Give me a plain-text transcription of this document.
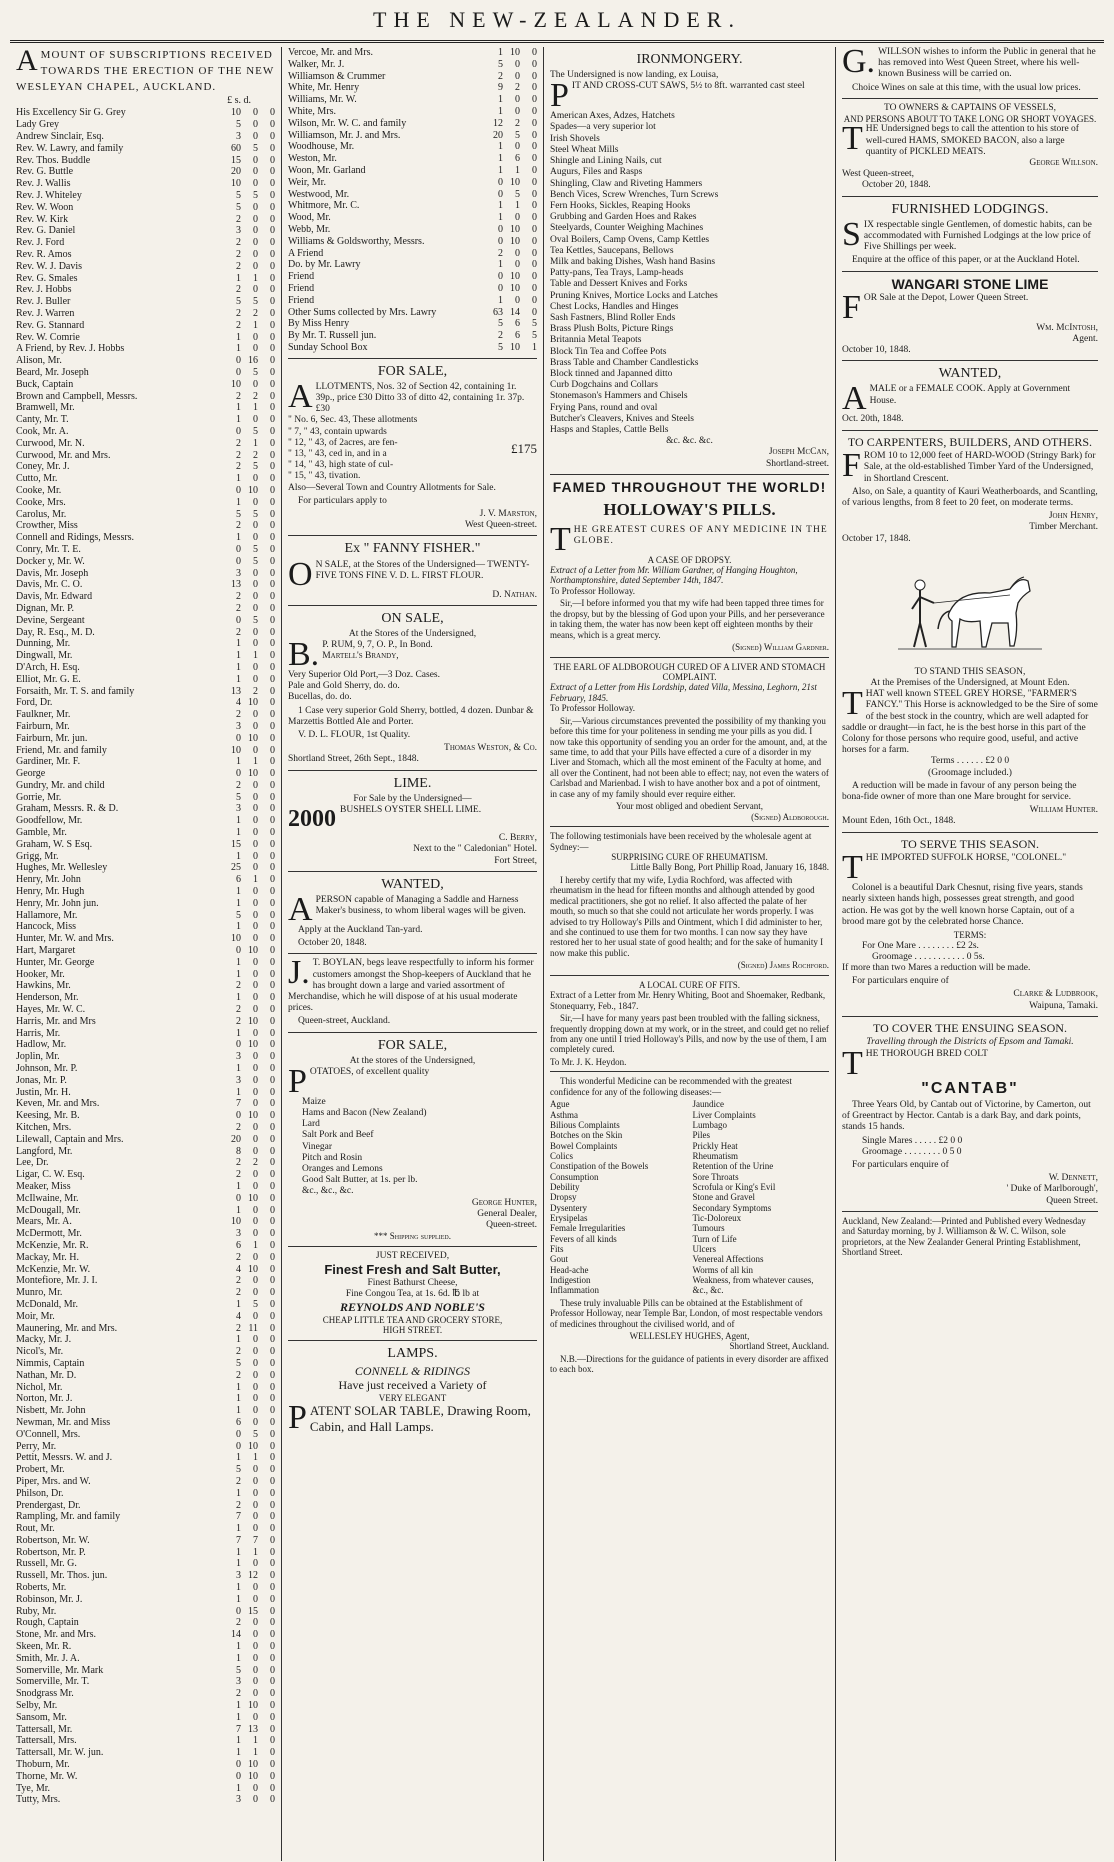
THE NEW-ZEALANDER.
A MOUNT OF SUBSCRIPTIONS RECEIVED TOWARDS THE ERECTION OF THE NEW WESLEYAN CHAPEL, AUCKLAND.
£ s. d.
His Excellency Sir G. Grey	10	0	0
Lady Grey	5	0	0
Andrew Sinclair, Esq.	3	0	0
Rev. W. Lawry, and family	60	5	0
Rev. Thos. Buddle	15	0	0
Rev. G. Buttle	20	0	0
Rev. J. Wallis	10	0	0
Rev. J. Whiteley	5	5	0
Rev. W. Woon	5	0	0
Rev. W. Kirk	2	0	0
Rev. G. Daniel	3	0	0
Rev. J. Ford	2	0	0
Rev. R. Amos	2	0	0
Rev. W. J. Davis	2	0	0
Rev. G. Smales	1	1	0
Rev. J. Hobbs	2	0	0
Rev. J. Buller	5	5	0
Rev. J. Warren	2	2	0
Rev. G. Stannard	2	1	0
Rev. W. Comrie	1	0	0
A Friend, by Rev. J. Hobbs	1	0	0
Alison, Mr.	0	16	0
Beard, Mr. Joseph	0	5	0
Buck, Captain	10	0	0
Brown and Campbell, Messrs.	2	2	0
Bramwell, Mr.	1	1	0
Canty, Mr. T.	1	0	0
Cook, Mr. A.	0	5	0
Curwood, Mr. N.	2	1	0
Curwood, Mr. and Mrs.	2	2	0
Coney, Mr. J.	2	5	0
Cutto, Mr.	1	0	0
Cooke, Mr.	0	10	0
Cooke, Mrs.	1	0	0
Carolus, Mr.	5	5	0
Crowther, Miss	2	0	0
Connell and Ridings, Messrs.	1	0	0
Conry, Mr. T. E.	0	5	0
Docker y, Mr. W.	0	5	0
Davis, Mr. Joseph	3	0	0
Davis, Mr. C. O.	13	0	0
Davis, Mr. Edward	2	0	0
Dignan, Mr. P.	2	0	0
Devine, Sergeant	0	5	0
Day, R. Esq., M. D.	2	0	0
Dunning, Mr.	1	0	0
Dingwall, Mr.	1	1	0
D'Arch, H. Esq.	1	0	0
Elliot, Mr. G. E.	1	0	0
Forsaith, Mr. T. S. and family	13	2	0
Ford, Dr.	4	10	0
Faulkner, Mr.	2	0	0
Fairburn, Mr.	3	0	0
Fairburn, Mr. jun.	0	10	0
Friend, Mr. and family	10	0	0
Gardiner, Mr. F.	1	1	0
George	0	10	0
Gundry, Mr. and child	2	0	0
Gorrie, Mr.	5	0	0
Graham, Messrs. R. & D.	3	0	0
Goodfellow, Mr.	1	0	0
Gamble, Mr.	1	0	0
Graham, W. S Esq.	15	0	0
Grigg, Mr.	1	0	0
Hughes, Mr. Wellesley	25	0	0
Henry, Mr. John	6	1	0
Henry, Mr. Hugh	1	0	0
Henry, Mr. John jun.	1	0	0
Hallamore, Mr.	5	0	0
Hancock, Miss	1	0	0
Hunter, Mr. W. and Mrs.	10	0	0
Hart, Margaret	0	10	0
Hunter, Mr. George	1	0	0
Hooker, Mr.	1	0	0
Hawkins, Mr.	2	0	0
Henderson, Mr.	1	0	0
Hayes, Mr. W. C.	2	0	0
Harris, Mr. and Mrs	2	10	0
Harris, Mr.	1	0	0
Hadlow, Mr.	0	10	0
Joplin, Mr.	3	0	0
Johnson, Mr. P.	1	0	0
Jonas, Mr. P.	3	0	0
Justin, Mr. H.	1	0	0
Keven, Mr. and Mrs.	7	0	0
Keesing, Mr. B.	0	10	0
Kitchen, Mrs.	2	0	0
Lilewall, Captain and Mrs.	20	0	0
Langford, Mr.	8	0	0
Lee, Dr.	2	2	0
Ligar, C. W. Esq.	2	0	0
Meaker, Miss	1	0	0
McIlwaine, Mr.	0	10	0
McDougall, Mr.	1	0	0
Mears, Mr. A.	10	0	0
McDermott, Mr.	3	0	0
McKenzie, Mr. R.	6	1	0
Mackay, Mr. H.	2	0	0
McKenzie, Mr. W.	4	10	0
Montefiore, Mr. J. I.	2	0	0
Munro, Mr.	2	0	0
McDonald, Mr.	1	5	0
Moir, Mr.	4	0	0
Maunering, Mr. and Mrs.	2	11	0
Macky, Mr. J.	1	0	0
Nicol's, Mr.	2	0	0
Nimmis, Captain	5	0	0
Nathan, Mr. D.	2	0	0
Nichol, Mr.	1	0	0
Norton, Mr. J.	1	0	0
Nisbett, Mr. John	1	0	0
Newman, Mr. and Miss	6	0	0
O'Connell, Mrs.	0	5	0
Perry, Mr.	0	10	0
Pettit, Messrs. W. and J.	1	1	0
Probert, Mr.	5	0	0
Piper, Mrs. and W.	2	0	0
Philson, Dr.	1	0	0
Prendergast, Dr.	2	0	0
Rampling, Mr. and family	7	0	0
Rout, Mr.	1	0	0
Robertson, Mr. W.	7	7	0
Robertson, Mr. P.	1	1	0
Russell, Mr. G.	1	0	0
Russell, Mr. Thos. jun.	3	12	0
Roberts, Mr.	1	0	0
Robinson, Mr. J.	1	0	0
Ruby, Mr.	0	15	0
Rough, Captain	2	0	0
Stone, Mr. and Mrs.	14	0	0
Skeen, Mr. R.	1	0	0
Smith, Mr. J. A.	1	0	0
Somerville, Mr. Mark	5	0	0
Somerville, Mr. T.	3	0	0
Snodgrass Mr.	2	0	0
Selby, Mr.	1	10	0
Sansom, Mr.	1	0	0
Tattersall, Mr.	7	13	0
Tattersall, Mrs.	1	1	0
Tattersall, Mr. W. jun.	1	1	0
Thoburn, Mr.	0	10	0
Thorne, Mr. W.	0	10	0
Tye, Mr.	1	0	0
Tutty, Mrs.	3	0	0
Vercoe, Mr. and Mrs.	1	10	0
Walker, Mr. J.	5	0	0
Williamson & Crummer	2	0	0
White, Mr. Henry	9	2	0
Williams, Mr. W.	1	0	0
White, Mrs.	1	0	0
Wilson, Mr. W. C. and family	12	2	0
Williamson, Mr. J. and Mrs.	20	5	0
Woodhouse, Mr.	1	0	0
Weston, Mr.	1	6	0
Woon, Mr. Garland	1	1	0
Weir, Mr.	0	10	0
Westwood, Mr.	0	5	0
Whitmore, Mr. C.	1	1	0
Wood, Mr.	1	0	0
Webb, Mr.	0	10	0
Williams & Goldsworthy, Messrs.	0	10	0
A Friend	2	0	0
Do. by Mr. Lawry	1	0	0
Friend	0	10	0
Friend	0	10	0
Friend	1	0	0
Other Sums collected by Mrs. Lawry	63	14	0
By Miss Henry	5	6	5
By Mr. T. Russell jun.	2	6	5
Sunday School Box	5	10	1
FOR SALE,
ALLOTMENTS, Nos. 32 of Section 42, containing 1r. 39p., price £30 Ditto 33 of ditto 42, containing 1r. 37p. £30
" No. 6, Sec. 43, These allotments
" 7, " 43, contain upwards
" 12, " 43, of 2acres, are fen-
" 13, " 43, ced in, and in a
" 14, " 43, high state of cul-
" 15, " 43, tivation.
£175
Also—Several Town and Country Allotments for Sale.
For particulars apply to
J. V. Marston,
West Queen-street.
Ex " FANNY FISHER."
O N SALE, at the Stores of the Undersigned— TWENTY-FIVE TONS FINE V. D. L. FIRST FLOUR.
D. Nathan.
ON SALE,
At the Stores of the Undersigned,
B. P. RUM, 9, 7, O. P., In Bond.
Martell's Brandy,
Very Superior Old Port,—3 Doz. Cases.
Pale and Gold Sherry, do. do.
Bucellas, do. do.
1 Case very superior Gold Sherry, bottled, 4 dozen. Dunbar & Marzettis Bottled Ale and Porter.
V. D. L. FLOUR, 1st Quality.
Thomas Weston, & Co.
Shortland Street, 26th Sept., 1848.
LIME.
For Sale by the Undersigned—
2000 BUSHELS OYSTER SHELL LIME.
C. Berry,
Next to the " Caledonian" Hotel.
Fort Street,
WANTED,
APERSON capable of Managing a Saddle and Harness Maker's business, to whom liberal wages will be given.
Apply at the Auckland Tan-yard.
October 20, 1848.
J. T. BOYLAN, begs leave respectfully to inform his former customers amongst the Shop-keepers of Auckland that he has brought down a large and varied assortment of Merchandise, which he will dispose of at his usual moderate prices.
Queen-street, Auckland.
FOR SALE,
At the stores of the Undersigned,
POTATOES, of excellent quality
Maize
Hams and Bacon (New Zealand)
Lard
Salt Pork and Beef
Vinegar
Pitch and Rosin
Oranges and Lemons
Good Salt Butter, at 1s. per lb.
&c., &c., &c.
George Hunter,
General Dealer,
Queen-street.
*** Shipping supplied.
JUST RECEIVED,
Finest Fresh and Salt Butter,
Finest Bathurst Cheese,
Fine Congou Tea, at 1s. 6d. ℔ lb at
REYNOLDS AND NOBLE'S
CHEAP LITTLE TEA AND GROCERY STORE,
HIGH STREET.
LAMPS.
CONNELL & RIDINGS
Have just received a Variety of
VERY ELEGANT
PATENT SOLAR TABLE, Drawing Room, Cabin, and Hall Lamps.
IRONMONGERY.
The Undersigned is now landing, ex Louisa,
PIT AND CROSS-CUT SAWS, 5½ to 8ft. warranted cast steel
American Axes, Adzes, Hatchets
Spades—a very superior lot
Irish Shovels
Steel Wheat Mills
Shingle and Lining Nails, cut
Augurs, Files and Rasps
Shingling, Claw and Riveting Hammers
Bench Vices, Screw Wrenches, Turn Screws
Fern Hooks, Sickles, Reaping Hooks
Grubbing and Garden Hoes and Rakes
Steelyards, Counter Weighing Machines
Oval Boilers, Camp Ovens, Camp Kettles
Tea Kettles, Saucepans, Bellows
Milk and baking Dishes, Wash hand Basins
Patty-pans, Tea Trays, Lamp-heads
Table and Dessert Knives and Forks
Pruning Knives, Mortice Locks and Latches
Chest Locks, Handles and Hinges
Sash Fastners, Blind Roller Ends
Brass Plush Bolts, Picture Rings
Britannia Metal Teapots
Block Tin Tea and Coffee Pots
Brass Table and Chamber Candlesticks
Block tinned and Japanned ditto
Curb Dogchains and Collars
Stonemason's Hammers and Chisels
Frying Pans, round and oval
Butcher's Cleavers, Knives and Steels
Hasps and Staples, Cattle Bells
&c. &c. &c.
Joseph McCan,
Shortland-street.
FAMED THROUGHOUT THE WORLD!
HOLLOWAY'S PILLS.
THE GREATEST CURES OF ANY MEDICINE IN THE GLOBE.
A CASE OF DROPSY.
Extract of a Letter from Mr. William Gardner, of Hanging Houghton, Northamptonshire, dated September 14th, 1847.
To Professor Holloway.
Sir,—I before informed you that my wife had been tapped three times for the dropsy, but by the blessing of God upon your Pills, and her perseverance in taking them, the water has now been kept off eighteen months by their means, which is a great mercy.
(Signed) William Gardner.
THE EARL OF ALDBOROUGH CURED OF A LIVER AND STOMACH COMPLAINT.
Extract of a Letter from His Lordship, dated Villa, Messina, Leghorn, 21st February, 1845.
To Professor Holloway.
Sir,—Various circumstances prevented the possibility of my thanking you before this time for your politeness in sending me your pills as you did. I now take this opportunity of sending you an order for the amount, and, at the same time, to add that your Pills have effected a cure of a disorder in my Liver and Stomach, which all the most eminent of the Faculty at home, and all over the Continent, had not been able to effect; nay, not even the waters of Carlsbad and Marienbad. I wish to have another box and a pot of ointment, in case any of my family should ever require either.
Your most obliged and obedient Servant,
(Signed) Aldborough.
The following testimonials have been received by the wholesale agent at Sydney:—
SURPRISING CURE OF RHEUMATISM.
Little Bally Bong, Port Phillip Road, January 16, 1848.
I hereby certify that my wife, Lydia Rochford, was affected with rheumatism in the head for fifteen months and although attended by good medical practitioners, she got no relief. It also affected the palate of her mouth, so much so that she could not articulate her words properly. I was advised to try Holloway's Pills and Ointment, which I did administer to her, and she continued to use them for two months. I can now say they have restored her to her usual state of good health; and for the sake of humanity I now make this public.
(Signed) James Rochford.
A LOCAL CURE OF FITS.
Extract of a Letter from Mr. Henry Whiting, Boot and Shoemaker, Redbank, Stonequarry, Feb., 1847.
Sir,—I have for many years past been troubled with the falling sickness, frequently dropping down at my work, or in the street, and could get no relief from any one until I tried Holloway's Pills, and now by the use of them, I am completely cured.
To Mr. J. K. Heydon.
This wonderful Medicine can be recommended with the greatest confidence for any of the following diseases:—
Ague
Asthma
Bilious Complaints
Botches on the Skin
Bowel Complaints
Colics
Constipation of the Bowels
Consumption
Debility
Dropsy
Dysentery
Erysipelas
Female Irregularities
Fevers of all kinds
Fits
Gout
Head-ache
Indigestion
Inflammation
Jaundice
Liver Complaints
Lumbago
Piles
Prickly Heat
Rheumatism
Retention of the Urine
Sore Throats
Scrofula or King's Evil
Stone and Gravel
Secondary Symptoms
Tic-Doloreux
Tumours
Turn of Life
Ulcers
Venereal Affections
Worms of all kin
Weakness, from whatever causes,
&c., &c.
These truly invaluable Pills can be obtained at the Establishment of Professor Holloway, near Temple Bar, London, of most respectable vendors of medicines throughout the civilised world, and of
WELLESLEY HUGHES, Agent,
Shortland Street, Auckland.
N.B.—Directions for the guidance of patients in every disorder are affixed to each box.
G. WILLSON wishes to inform the Public in general that he has removed into West Queen Street, where his well-known Business will be carried on.
Choice Wines on sale at this time, with the usual low prices.
TO OWNERS & CAPTAINS OF VESSELS,
AND PERSONS ABOUT TO TAKE LONG OR SHORT VOYAGES.
THE Undersigned begs to call the attention to his store of well-cured HAMS, SMOKED BACON, also a large quantity of PICKLED MEATS.
George Willson.
West Queen-street,
October 20, 1848.
FURNISHED LODGINGS.
SIX respectable single Gentlemen, of domestic habits, can be accommodated with Furnished Lodgings at the low price of Five Shillings per week.
Enquire at the office of this paper, or at the Auckland Hotel.
WANGARI STONE LIME
FOR Sale at the Depot, Lower Queen Street.
Wm. McIntosh,
Agent.
October 10, 1848.
WANTED,
AMALE or a FEMALE COOK. Apply at Government House.
Oct. 20th, 1848.
TO CARPENTERS, BUILDERS, AND OTHERS.
FROM 10 to 12,000 feet of HARD-WOOD (Stringy Bark) for Sale, at the old-established Timber Yard of the Undersigned, in Shortland Crescent.
Also, on Sale, a quantity of Kauri Weatherboards, and Scantling, of various lengths, from 8 feet to 20 feet, on moderate terms.
John Henry,
Timber Merchant.
October 17, 1848.
TO STAND THIS SEASON,
At the Premises of the Undersigned, at Mount Eden.
THAT well known STEEL GREY HORSE, "FARMER'S FANCY." This Horse is acknowledged to be the Sire of some of the best stock in the country, which are well adapted for saddle or draught—in fact, he is the best horse in this part of the Colony for those persons who require good, useful, and active horses for a farm.
Terms . . . . . . £2 0 0
(Groomage included.)
A reduction will be made in favour of any person being the bona-fide owner of more than one Mare brought for service.
William Hunter.
Mount Eden, 16th Oct., 1848.
TO SERVE THIS SEASON.
THE IMPORTED SUFFOLK HORSE, "COLONEL."
Colonel is a beautiful Dark Chesnut, rising five years, stands nearly sixteen hands high, possesses great strength, and good action. He was got by the well known horse Captain, out of a brood mare got by the celebrated horse Chance.
TERMS:
For One Mare . . . . . . . . £2 2s.
Groomage . . . . . . . . . . . 0 5s.
If more than two Mares a reduction will be made.
For particulars enquire of
Clarke & Ludbrook,
Waipuna, Tamaki.
TO COVER THE ENSUING SEASON.
Travelling through the Districts of Epsom and Tamaki.
THE THOROUGH BRED COLT
"CANTAB"
Three Years Old, by Cantab out of Victorine, by Camerton, out of Greentract by Hector. Cantab is a dark Bay, and dark points, stands 15 hands.
Single Mares . . . . . £2 0 0
Groomage . . . . . . . . 0 5 0
For particulars enquire of
W. Dennett,
' Duke of Marlborough',
Queen Street.
Auckland, New Zealand:—Printed and Published every Wednesday and Saturday morning, by J. Williamson & W. C. Wilson, sole proprietors, at the New Zealander General Printing Establishment, Shortland Street.
